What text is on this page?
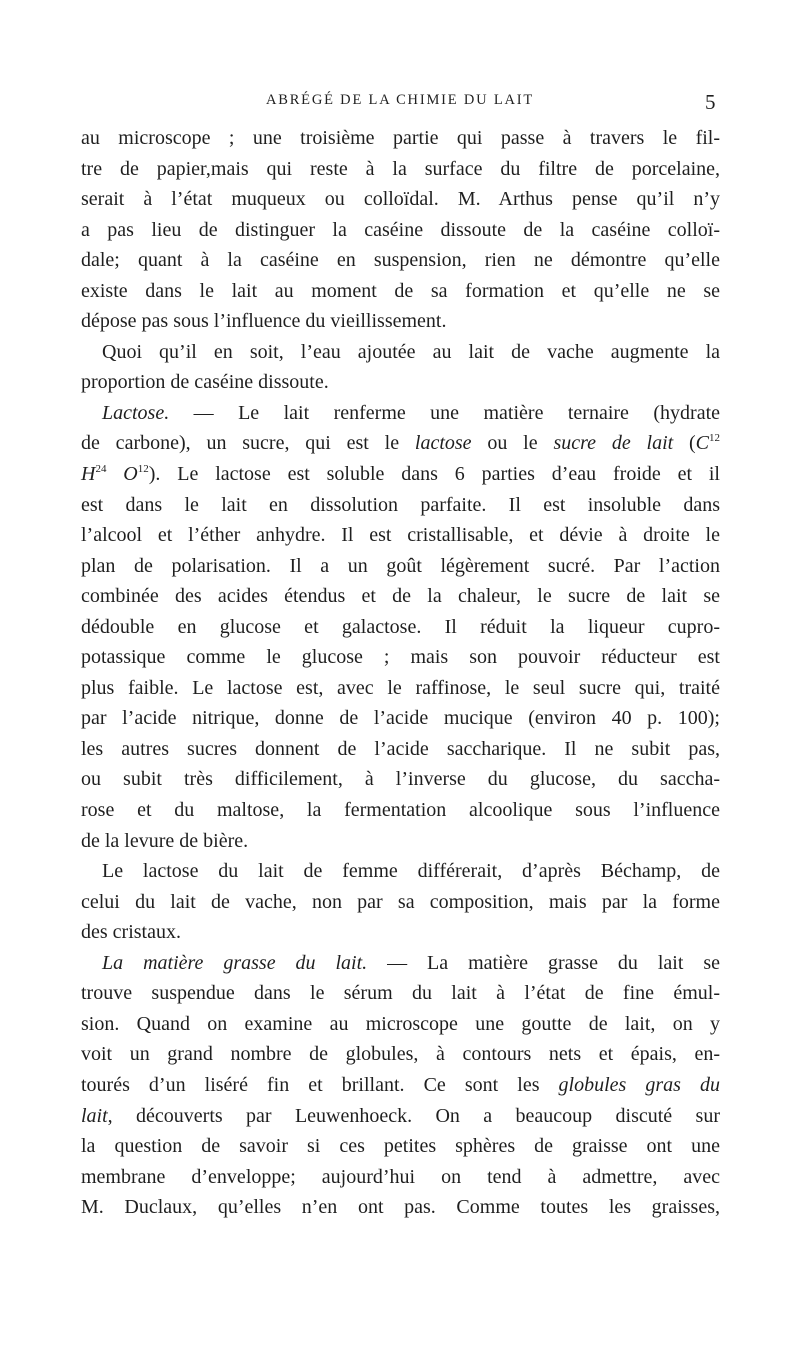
ABRÉGÉ DE LA CHIMIE DU LAIT	5
au microscope ; une troisième partie qui passe à travers le fil-
tre de papier,mais qui reste à la surface du filtre de porcelaine,
serait à l’état muqueux ou colloïdal. M. Arthus pense qu’il n’y
a pas lieu de distinguer la caséine dissoute de la caséine colloï-
dale; quant à la caséine en suspension, rien ne démontre qu’elle
existe dans le lait au moment de sa formation et qu’elle ne se
dépose pas sous l’influence du vieillissement.
Quoi qu’il en soit, l’eau ajoutée au lait de vache augmente la
proportion de caséine dissoute.
Lactose. — Le lait renferme une matière ternaire (hydrate
de carbone), un sucre, qui est le lactose ou le sucre de lait ($C^{12}$
$H^{24}$ $O^{12}$). Le lactose est soluble dans 6 parties d’eau froide et il
est dans le lait en dissolution parfaite. Il est insoluble dans
l’alcool et l’éther anhydre. Il est cristallisable, et dévie à droite le
plan de polarisation. Il a un goût légèrement sucré. Par l’action
combinée des acides étendus et de la chaleur, le sucre de lait se
dédouble en glucose et galactose. Il réduit la liqueur cupro-
potassique comme le glucose ; mais son pouvoir réducteur est
plus faible. Le lactose est, avec le raffinose, le seul sucre qui, traité
par l’acide nitrique, donne de l’acide mucique (environ 40 p. 100);
les autres sucres donnent de l’acide saccharique. Il ne subit pas,
ou subit très difficilement, à l’inverse du glucose, du saccha-
rose et du maltose, la fermentation alcoolique sous l’influence
de la levure de bière.
Le lactose du lait de femme différerait, d’après Béchamp, de
celui du lait de vache, non par sa composition, mais par la forme
des cristaux.
La matière grasse du lait. — La matière grasse du lait se
trouve suspendue dans le sérum du lait à l’état de fine émul-
sion. Quand on examine au microscope une goutte de lait, on y
voit un grand nombre de globules, à contours nets et épais, en-
tourés d’un liséré fin et brillant. Ce sont les globules gras du
lait, découverts par Leuwenhoeck. On a beaucoup discuté sur
la question de savoir si ces petites sphères de graisse ont une
membrane d’enveloppe; aujourd’hui on tend à admettre, avec
M. Duclaux, qu’elles n’en ont pas. Comme toutes les graisses,
